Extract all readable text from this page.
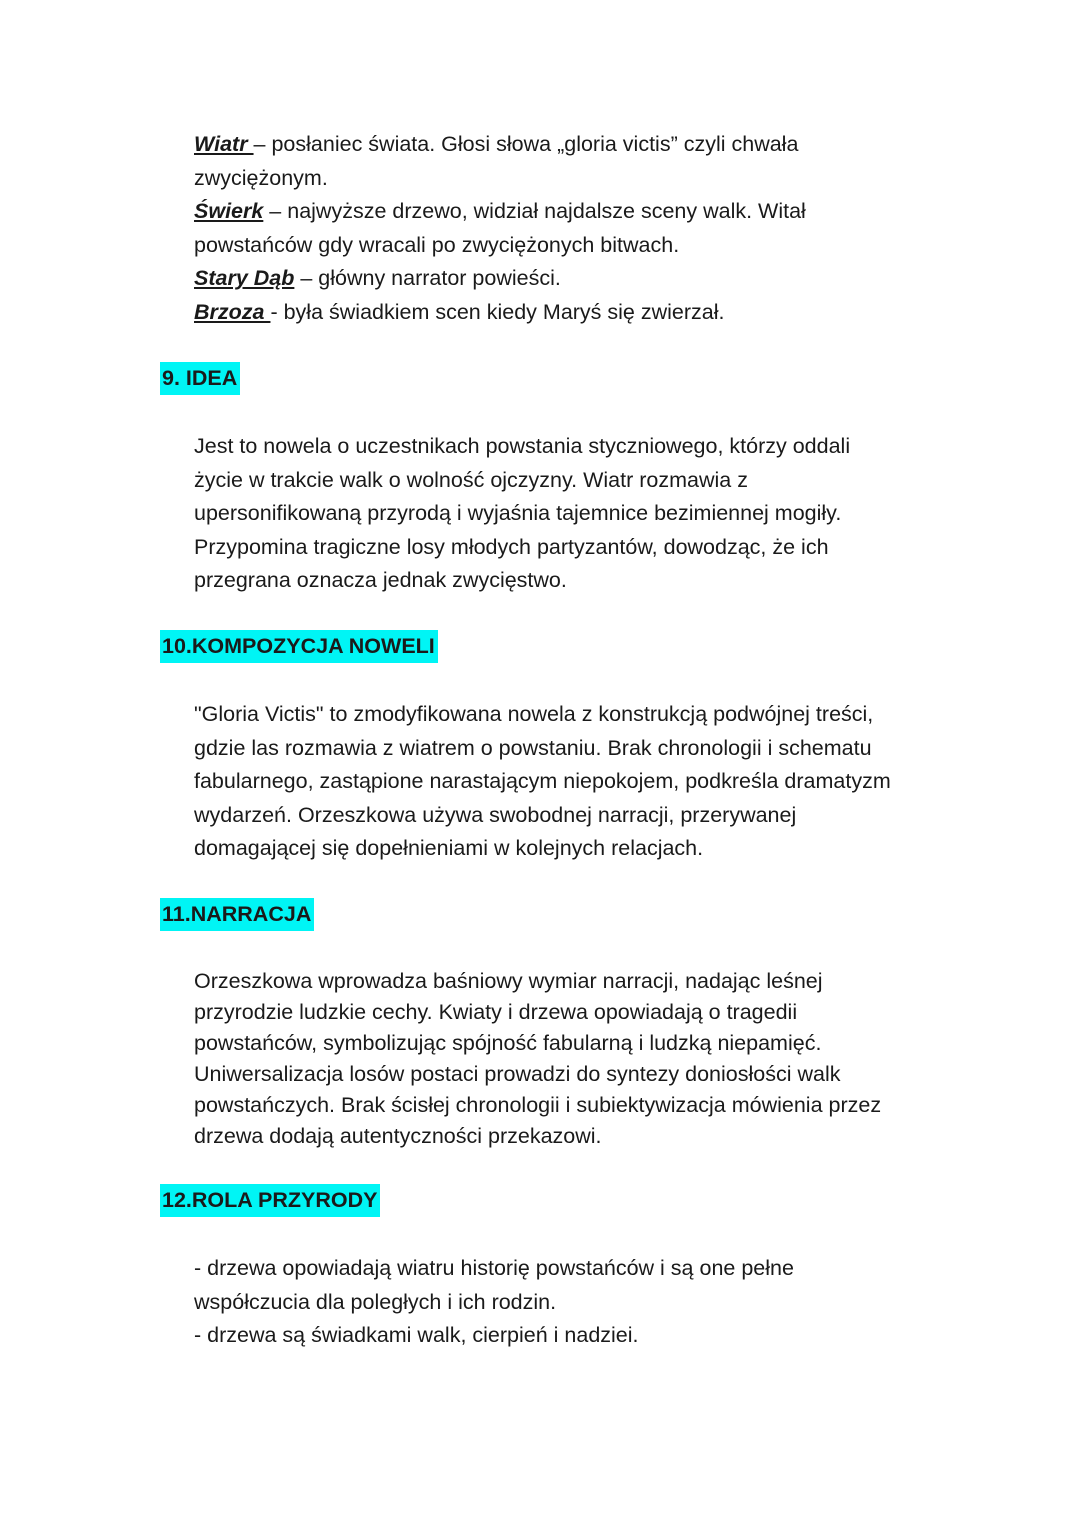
Wiatr – posłaniec świata. Głosi słowa „gloria victis” czyli chwała
zwyciężonym.
Świerk – najwyższe drzewo, widział najdalsze sceny walk. Witał
powstańców gdy wracali po zwyciężonych bitwach.
Stary Dąb – główny narrator powieści.
Brzoza - była świadkiem scen kiedy Maryś się zwierzał.
9. IDEA
Jest to nowela o uczestnikach powstania styczniowego, którzy oddali
życie w trakcie walk o wolność ojczyzny. Wiatr rozmawia z
upersonifikowaną przyrodą i wyjaśnia tajemnice bezimiennej mogiły.
Przypomina tragiczne losy młodych partyzantów, dowodząc, że ich
przegrana oznacza jednak zwycięstwo.
10.KOMPOZYCJA NOWELI
"Gloria Victis" to zmodyfikowana nowela z konstrukcją podwójnej treści,
gdzie las rozmawia z wiatrem o powstaniu. Brak chronologii i schematu
fabularnego, zastąpione narastającym niepokojem, podkreśla dramatyzm
wydarzeń. Orzeszkowa używa swobodnej narracji, przerywanej
domagającej się dopełnieniami w kolejnych relacjach.
11.NARRACJA
Orzeszkowa wprowadza baśniowy wymiar narracji, nadając leśnej
przyrodzie ludzkie cechy. Kwiaty i drzewa opowiadają o tragedii
powstańców, symbolizując spójność fabularną i ludzką niepamięć.
Uniwersalizacja losów postaci prowadzi do syntezy doniosłości walk
powstańczych. Brak ścisłej chronologii i subiektywizacja mówienia przez
drzewa dodają autentyczności przekazowi.
12.ROLA PRZYRODY
- drzewa opowiadają wiatru historię powstańców i są one pełne
współczucia dla poległych i ich rodzin.
- drzewa są świadkami walk, cierpień i nadziei.
